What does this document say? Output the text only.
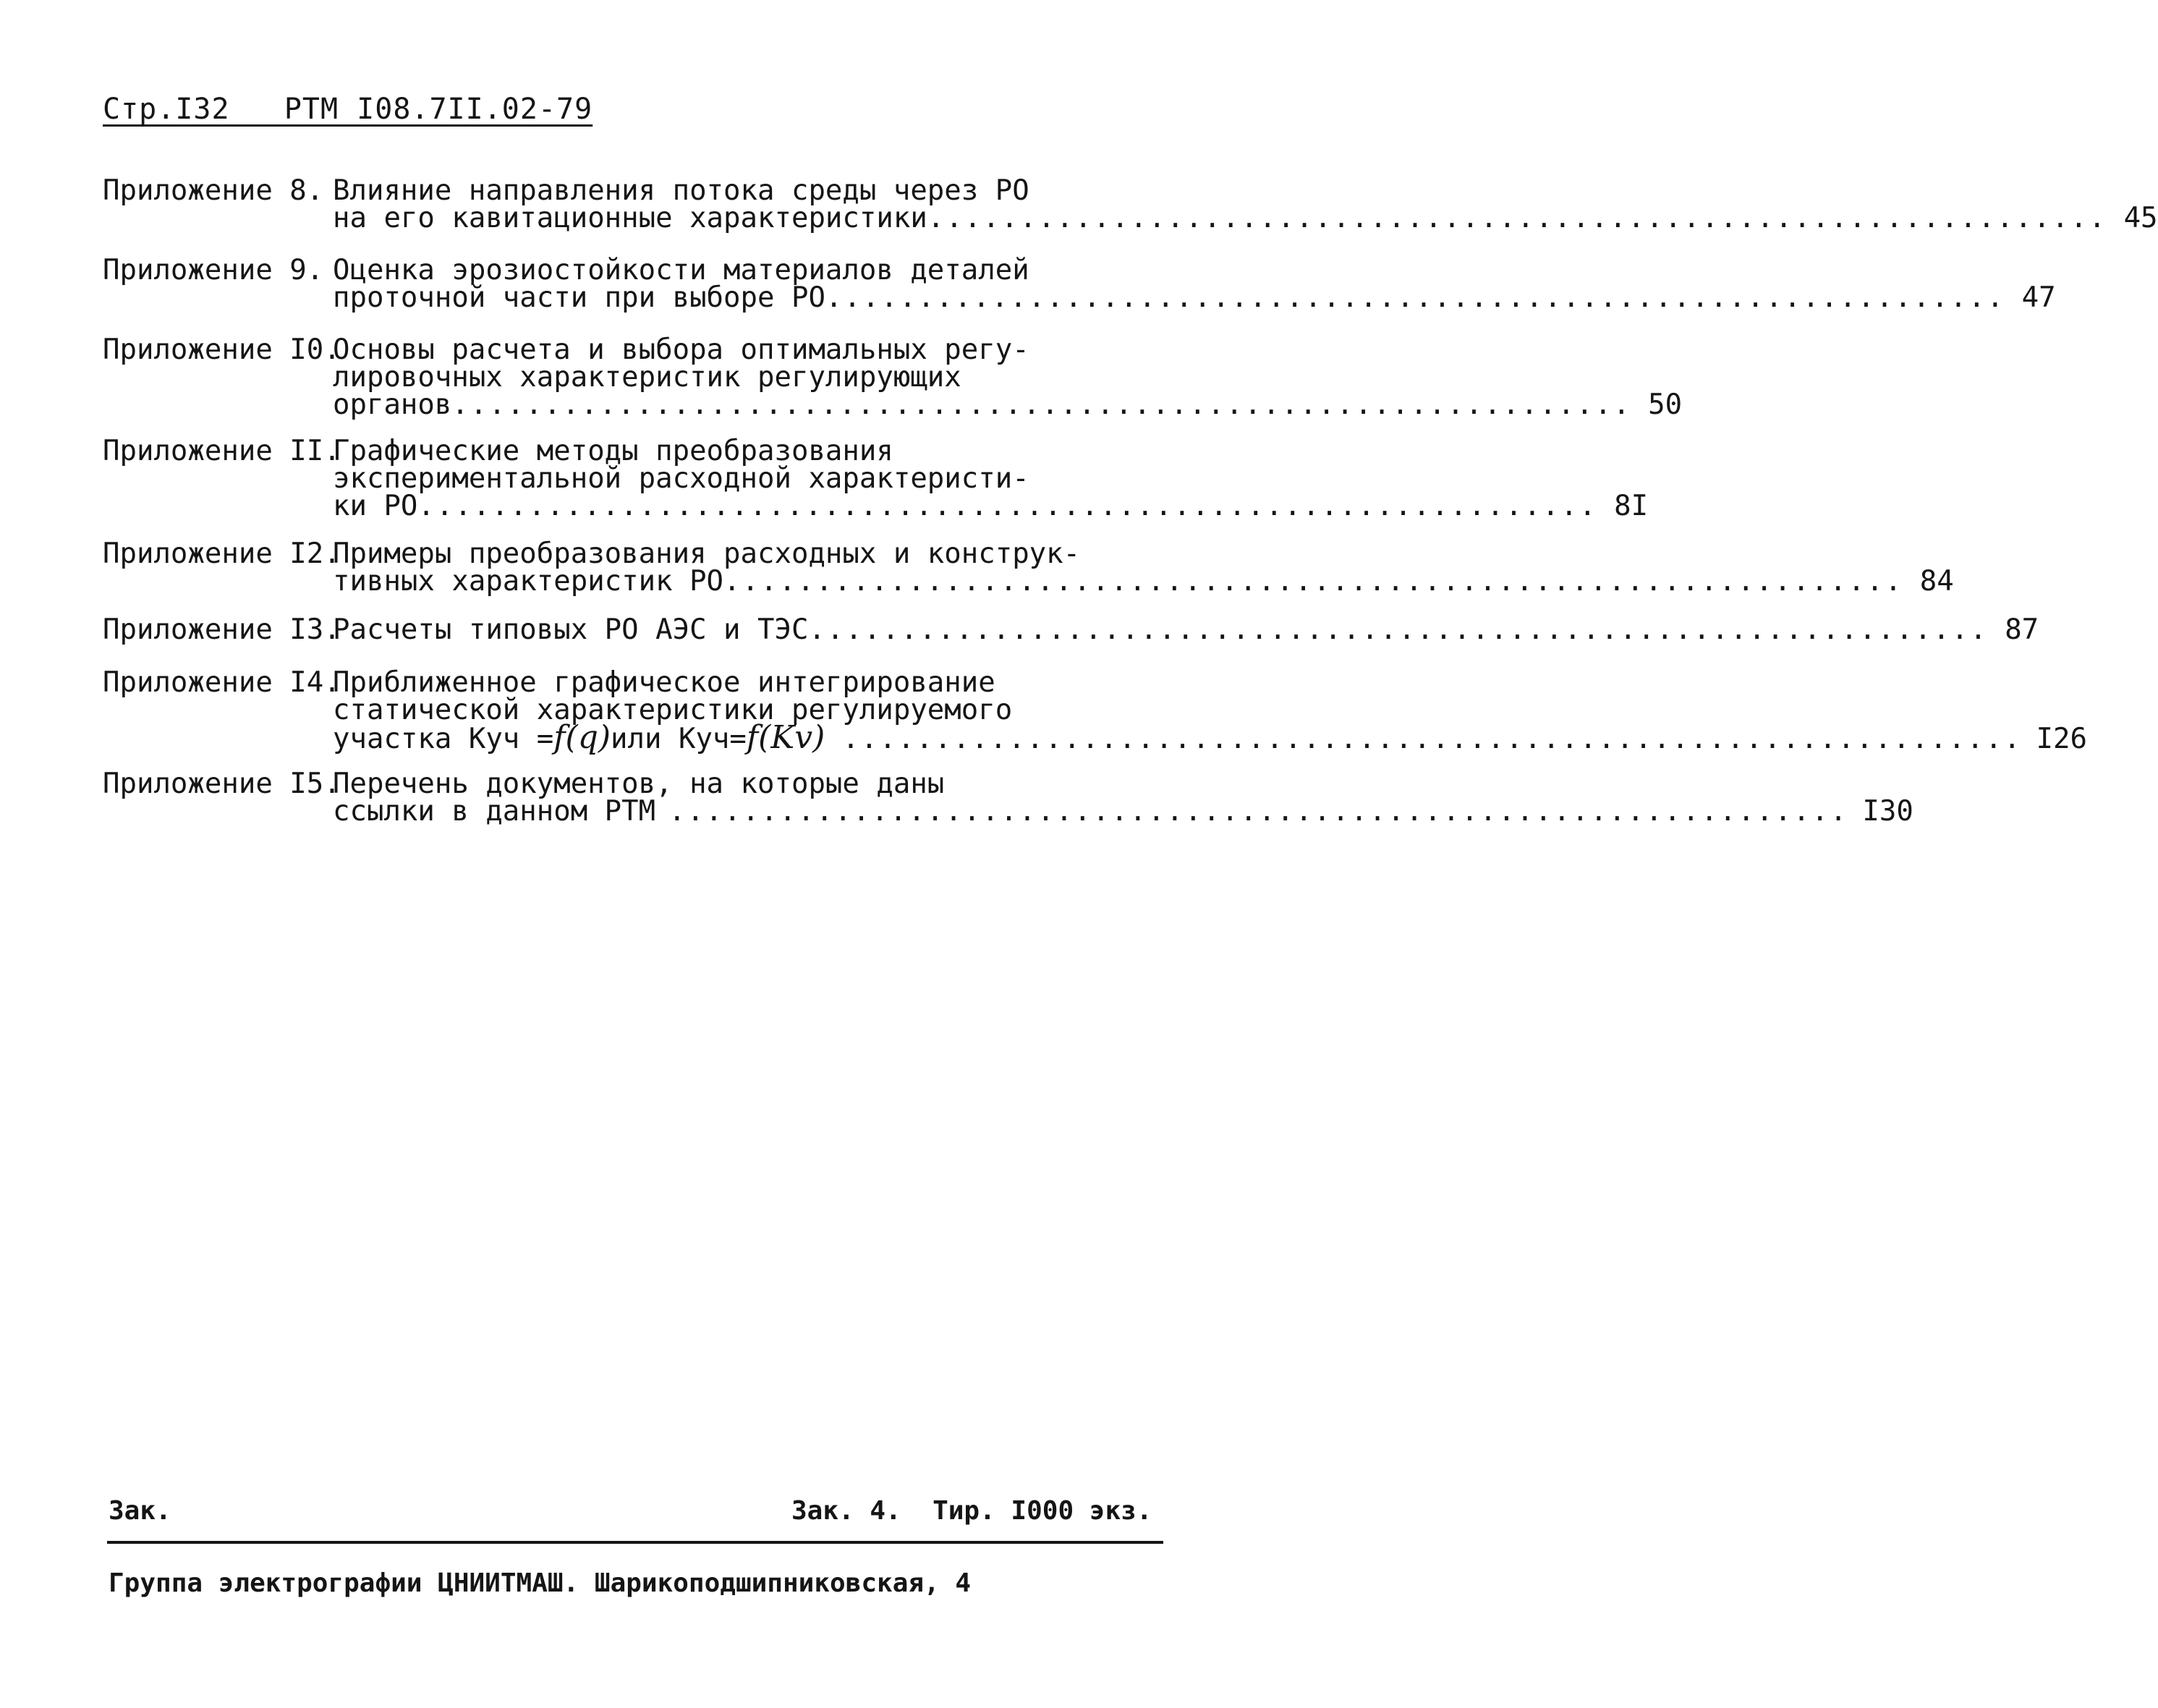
Стр.I32   РТМ I08.7II.02-79
Приложение 8. Влияние направления потока среды через РО
на его кавитационные характеристики ................................................................ 45
Приложение 9. Оценка эрозиостойкости материалов деталей
проточной части при выборе РО ................................................................ 47
Приложение I0.
Основы расчета и выбора оптимальных регу-
лировочных характеристик регулирующих
органов ................................................................ 50
Приложение II.
Графические методы преобразования
экспериментальной расходной характеристи-
ки РО ................................................................ 8I
Приложение I2.
Примеры преобразования расходных и конструк-
тивных характеристик РО ................................................................ 84
Приложение I3.
Расчеты типовых РО АЭС и ТЭС ................................................................ 87
Приложение I4.
Приближенное графическое интегрирование
статической характеристики регулируемого
участка Куч = f(q) или Куч= f(Kv) ................................................................ I26
Приложение I5.
Перечень документов, на которые даны
ссылки в данном РТМ ................................................................ I30
Зак.	Зак. 4.  Тир. I000 экз.
Группа электрографии ЦНИИТМАШ. Шарикоподшипниковская, 4
